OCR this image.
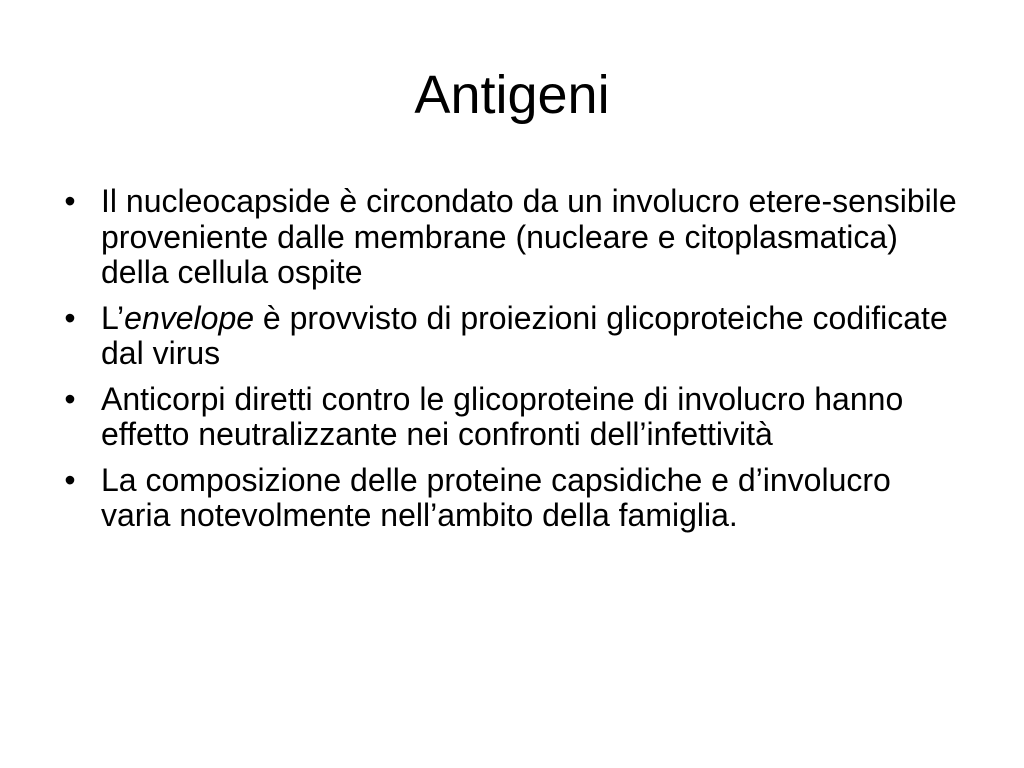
Antigeni
• Il nucleocapside è circondato da un involucro etere-sensibile proveniente dalle membrane (nucleare e citoplasmatica) della cellula ospite
• L’envelope è provvisto di proiezioni glicoproteiche codificate dal virus
• Anticorpi diretti contro le glicoproteine di involucro hanno effetto neutralizzante nei confronti dell’infettività
• La composizione delle proteine capsidiche e d’involucro varia notevolmente nell’ambito della famiglia.
